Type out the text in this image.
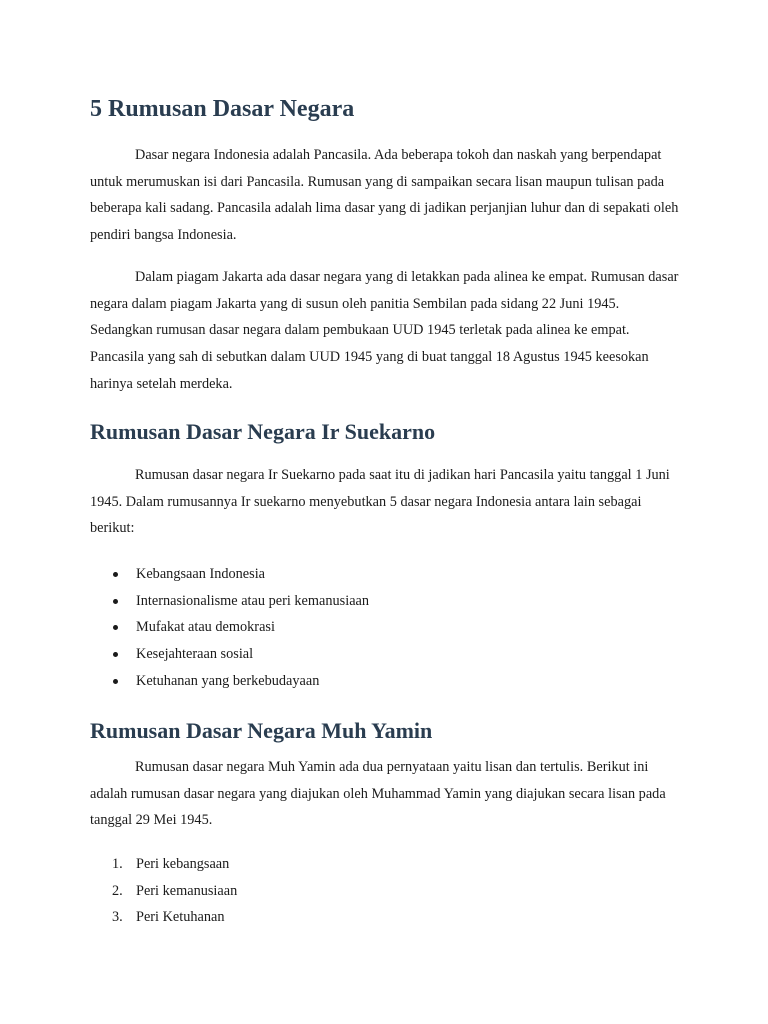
5 Rumusan Dasar Negara

Dasar negara Indonesia adalah Pancasila. Ada beberapa tokoh dan naskah yang berpendapat untuk merumuskan isi dari Pancasila. Rumusan yang di sampaikan secara lisan maupun tulisan pada beberapa kali sadang. Pancasila adalah lima dasar yang di jadikan perjanjian luhur dan di sepakati oleh pendiri bangsa Indonesia.

Dalam piagam Jakarta ada dasar negara yang di letakkan pada alinea ke empat. Rumusan dasar negara dalam piagam Jakarta yang di susun oleh panitia Sembilan pada sidang 22 Juni 1945. Sedangkan rumusan dasar negara dalam pembukaan UUD 1945 terletak pada alinea ke empat. Pancasila yang sah di sebutkan dalam UUD 1945 yang di buat tanggal 18 Agustus 1945 keesokan harinya setelah merdeka.

Rumusan Dasar Negara Ir Suekarno

Rumusan dasar negara Ir Suekarno pada saat itu di jadikan hari Pancasila yaitu tanggal 1 Juni 1945. Dalam rumusannya Ir suekarno menyebutkan 5 dasar negara Indonesia antara lain sebagai berikut:

Kebangsaan Indonesia
Internasionalisme atau peri kemanusiaan
Mufakat atau demokrasi
Kesejahteraan sosial
Ketuhanan yang berkebudayaan
Rumusan Dasar Negara Muh Yamin

Rumusan dasar negara Muh Yamin ada dua pernyataan yaitu lisan dan tertulis. Berikut ini adalah rumusan dasar negara yang diajukan oleh Muhammad Yamin yang diajukan secara lisan pada tanggal 29 Mei 1945.

1. Peri kebangsaan
2. Peri kemanusiaan
3. Peri Ketuhanan
